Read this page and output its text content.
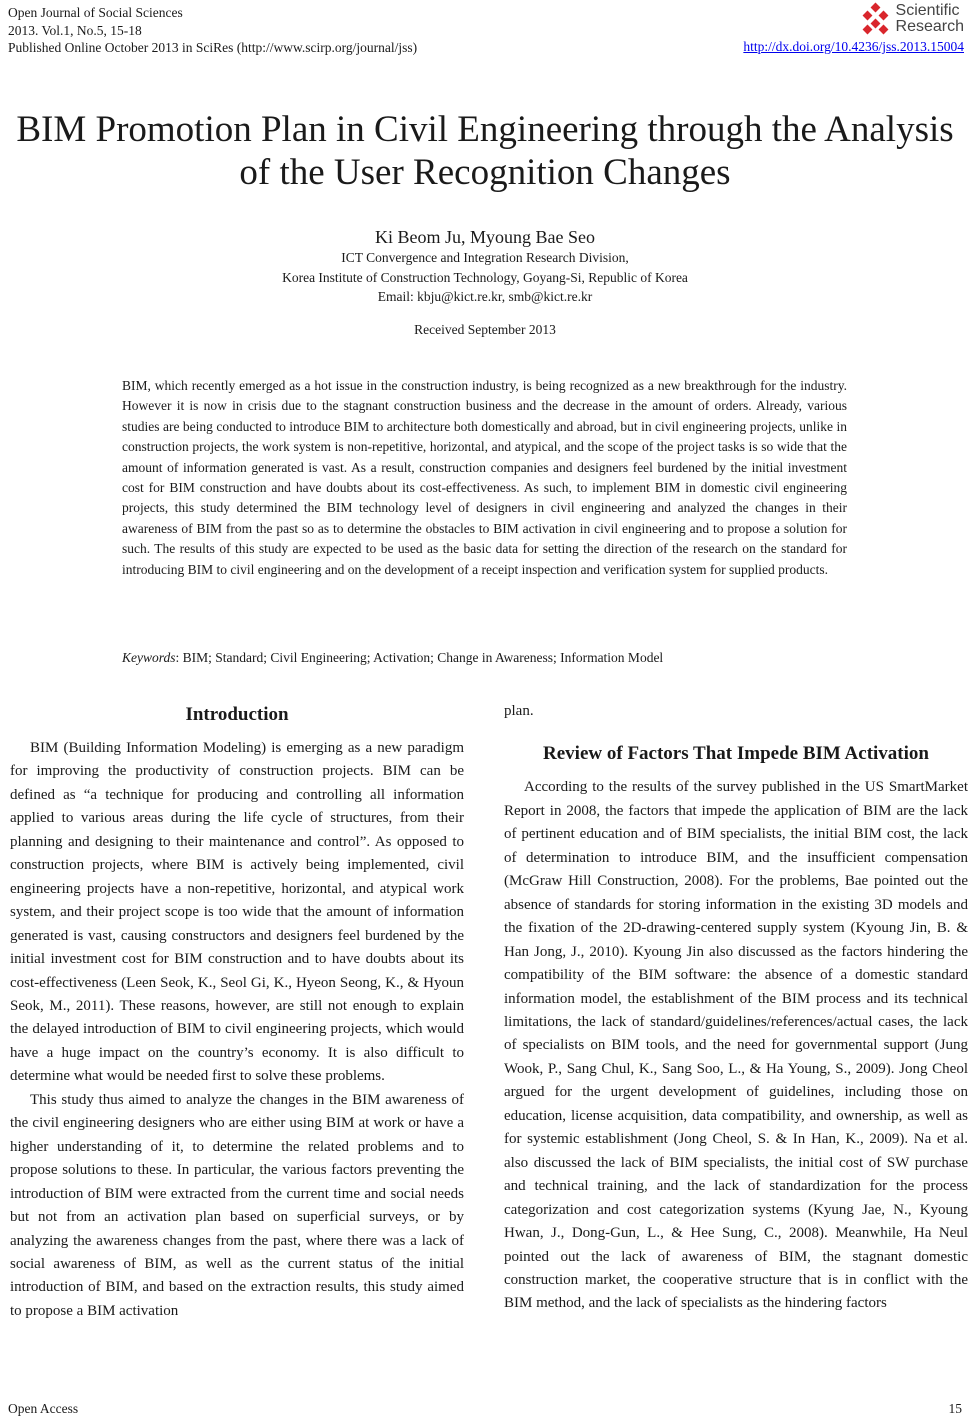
Open Journal of Social Sciences
2013. Vol.1, No.5, 15-18
Published Online October 2013 in SciRes (http://www.scirp.org/journal/jss)
Scientific
Research
http://dx.doi.org/10.4236/jss.2013.15004
BIM Promotion Plan in Civil Engineering through the Analysis of the User Recognition Changes
Ki Beom Ju, Myoung Bae Seo
ICT Convergence and Integration Research Division,
Korea Institute of Construction Technology, Goyang-Si, Republic of Korea
Email: kbju@kict.re.kr, smb@kict.re.kr
Received September 2013

BIM, which recently emerged as a hot issue in the construction industry, is being recognized as a new breakthrough for the industry. However it is now in crisis due to the stagnant construction business and the decrease in the amount of orders. Already, various studies are being conducted to introduce BIM to architecture both domestically and abroad, but in civil engineering projects, unlike in construction projects, the work system is non-repetitive, horizontal, and atypical, and the scope of the project tasks is so wide that the amount of information generated is vast. As a result, construction companies and designers feel burdened by the initial investment cost for BIM construction and have doubts about its cost-effectiveness. As such, to implement BIM in domestic civil engineering projects, this study determined the BIM technology level of designers in civil engineering and analyzed the changes in their awareness of BIM from the past so as to determine the obstacles to BIM activation in civil engineering and to propose a solution for such. The results of this study are expected to be used as the basic data for setting the direction of the research on the standard for introducing BIM to civil engineering and on the development of a receipt inspection and verification system for supplied products.

Keywords: BIM; Standard; Civil Engineering; Activation; Change in Awareness; Information Model
Introduction

BIM (Building Information Modeling) is emerging as a new paradigm for improving the productivity of construction projects. BIM can be defined as “a technique for producing and controlling all information applied to various areas during the life cycle of structures, from their planning and designing to their maintenance and control”. As opposed to construction projects, where BIM is actively being implemented, civil engineering projects have a non-repetitive, horizontal, and atypical work system, and their project scope is too wide that the amount of information generated is vast, causing constructors and designers feel burdened by the initial investment cost for BIM construction and to have doubts about its cost-effectiveness (Leen Seok, K., Seol Gi, K., Hyeon Seong, K., & Hyoun Seok, M., 2011). These reasons, however, are still not enough to explain the delayed introduction of BIM to civil engineering projects, which would have a huge impact on the country’s economy. It is also difficult to determine what would be needed first to solve these problems.

This study thus aimed to analyze the changes in the BIM awareness of the civil engineering designers who are either using BIM at work or have a higher understanding of it, to determine the related problems and to propose solutions to these. In particular, the various factors preventing the introduction of BIM were extracted from the current time and social needs but not from an activation plan based on superficial surveys, or by analyzing the awareness changes from the past, where there was a lack of social awareness of BIM, as well as the current status of the initial introduction of BIM, and based on the extraction results, this study aimed to propose a BIM activation

plan.

Review of Factors That Impede BIM Activation

According to the results of the survey published in the US SmartMarket Report in 2008, the factors that impede the application of BIM are the lack of pertinent education and of BIM specialists, the initial BIM cost, the lack of determination to introduce BIM, and the insufficient compensation (McGraw Hill Construction, 2008). For the problems, Bae pointed out the absence of standards for storing information in the existing 3D models and the fixation of the 2D-drawing-centered supply system (Kyoung Jin, B. & Han Jong, J., 2010). Kyoung Jin also discussed as the factors hindering the compatibility of the BIM software: the absence of a domestic standard information model, the establishment of the BIM process and its technical limitations, the lack of standard/guidelines/references/actual cases, the lack of specialists on BIM tools, and the need for governmental support (Jung Wook, P., Sang Chul, K., Sang Soo, L., & Ha Young, S., 2009). Jong Cheol argued for the urgent development of guidelines, including those on education, license acquisition, data compatibility, and ownership, as well as for systemic establishment (Jong Cheol, S. & In Han, K., 2009). Na et al. also discussed the lack of BIM specialists, the initial cost of SW purchase and technical training, and the lack of standardization for the process categorization and cost categorization systems (Kyung Jae, N., Kyoung Hwan, J., Dong-Gun, L., & Hee Sung, C., 2008). Meanwhile, Ha Neul pointed out the lack of awareness of BIM, the stagnant domestic construction market, the cooperative structure that is in conflict with the BIM method, and the lack of specialists as the hindering factors

Open Access	15
